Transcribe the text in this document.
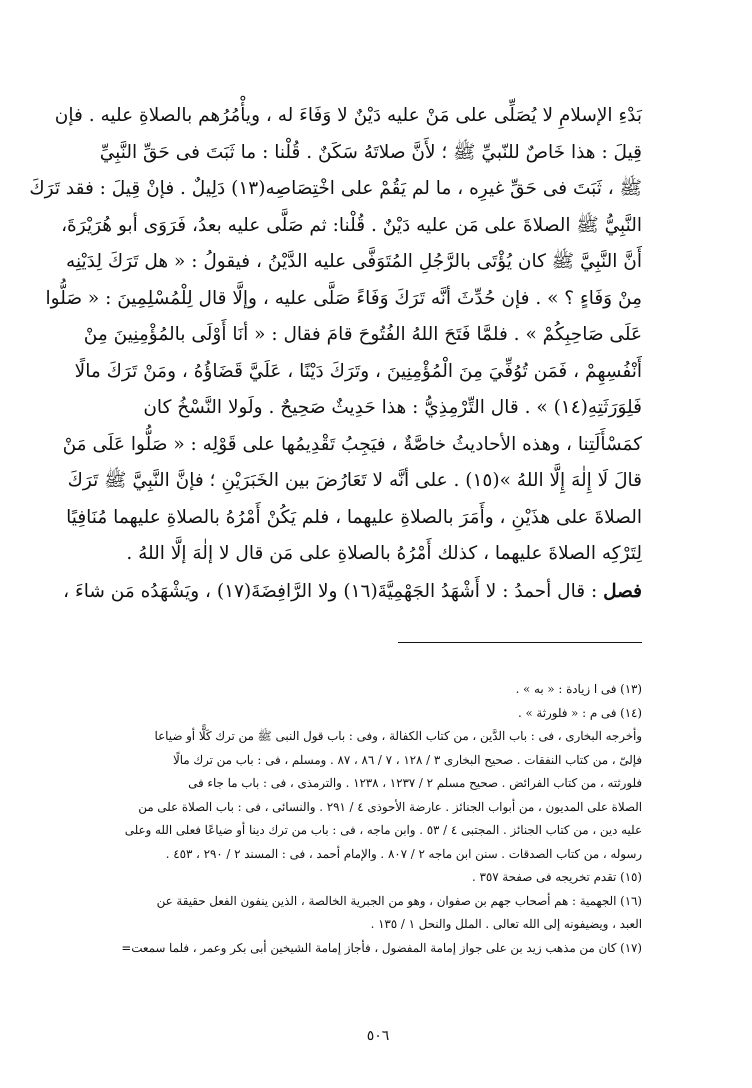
بَدْءِ الإسلامِ لا يُصَلِّى على مَنْ عليه دَيْنٌ لا وَفَاءَ له ، ويأْمُرُهم بالصلاةِ عليه . فإن
قِيلَ : هذا خَاصٌ للنّبيِّ ﷺ ؛ لأَنَّ صلاتَهُ سَكَنٌ . قُلْنا : ما ثَبَتَ فى حَقِّ النَّبِيِّ
ﷺ ، ثَبَتَ فى حَقِّ غيرِه ، ما لم يَقُمْ على اخْتِصَاصِه(١٣) دَلِيلٌ . فإنْ قِيلَ : فقد تَرَكَ
النَّبِيُّ ﷺ الصلاةَ على مَن عليه دَيْنٌ . قُلْنا: ثم صَلَّى عليه بعدُ، فَرَوَى أبو هُرَيْرَةَ،
أَنَّ النَّبِيَّ ﷺ كان يُؤْتَى بالرَّجُلِ المُتَوَفَّى عليه الدَّيْنُ ، فيقولُ : « هل تَرَكَ لِدَيْنِه
مِنْ وَفَاءٍ ؟ » . فإن حُدِّثَ أنَّه تَرَكَ وَفَاءً صَلَّى عليه ، وإلَّا قال لِلْمُسْلِمِينَ : « صَلُّوا
عَلَى صَاحِبِكُمْ » . فلمَّا فَتَحَ اللهُ الفُتُوحَ قامَ فقال : « أنَا أَوْلَى بالمُؤْمِنِينَ مِنْ
أَنْفُسِهِمْ ، فَمَن تُوُفِّيَ مِنَ الْمُؤْمِنِينَ ، وتَرَكَ دَيْنًا ، عَلَيَّ قَضَاؤُهُ ، ومَنْ تَرَكَ مالًا
فَلِوَرَثَتِهِ(١٤) » . قال التِّرْمِذِيُّ : هذا حَدِيثٌ صَحِيحٌ . ولَولا النَّسْخُ كان
كمَسْأَلَتِنا ، وهذه الأحاديثُ خاصَّةٌ ، فيَجِبُ تَقْدِيمُها على قَوْلِه : « صَلُّوا عَلَى مَنْ
قالَ لَا إِلٰهَ إِلَّا اللهُ »(١٥) . على أنَّه لا تَعَارُضَ بين الخَبَرَيْنِ ؛ فإنَّ النَّبِيَّ ﷺ تَرَكَ
الصلاةَ على هذَيْنِ ، وأَمَرَ بالصلاةِ عليهما ، فلم يَكُنْ أَمْرُهُ بالصلاةِ عليهما مُنَافِيًا
لِتَرْكِه الصلاةَ عليهما ، كذلك أَمْرُهُ بالصلاةِ على مَن قال لا إلٰهَ إلَّا اللهُ .
فصل : قال أحمدُ : لا أَشْهَدُ الجَهْمِيَّةَ(١٦) ولا الرَّافِضَةَ(١٧) ، ويَشْهَدُه مَن شاءَ ،
(١٣) فى ا زيادة : « به » .
(١٤) فى م : « فلورثة » .
وأخرجه البخارى ، فى : باب الدَّين ، من كتاب الكفالة ، وفى : باب قول النبى ﷺ من ترك كَلًّا أو ضياعا
فإلىّ ، من كتاب النفقات . صحيح البخارى ٣ / ١٢٨ ، ٧ / ٨٦ ، ٨٧ . ومسلم ، فى : باب من ترك مالًا
فلورثته ، من كتاب الفرائض . صحيح مسلم ٢ / ١٢٣٧ ، ١٢٣٨ . والترمذى ، فى : باب ما جاء فى
الصلاة على المديون ، من أبواب الجنائز . عارضة الأحوذى ٤ / ٢٩١ . والنسائى ، فى : باب الصلاة على من
عليه دين ، من كتاب الجنائز . المجتبى ٤ / ٥٣ . وابن ماجه ، فى : باب من ترك دينا أو ضياعًا فعلى الله وعلى
رسوله ، من كتاب الصدقات . سنن ابن ماجه ٢ / ٨٠٧ . والإمام أحمد ، فى : المسند ٢ / ٢٩٠ ، ٤٥٣ .
(١٥) تقدم تخريجه فى صفحة ٣٥٧ .
(١٦) الجهمية : هم أصحاب جهم بن صفوان ، وهو من الجبرية الخالصة ، الذين ينفون الفعل حقيقة عن
العبد ، ويضيفونه إلى الله تعالى . الملل والنحل ١ / ١٣٥ .
(١٧) كان من مذهب زيد بن على جواز إمامة المفضول ، فأجاز إمامة الشيخين أبى بكر وعمر ، فلما سمعت=
٥٠٦
